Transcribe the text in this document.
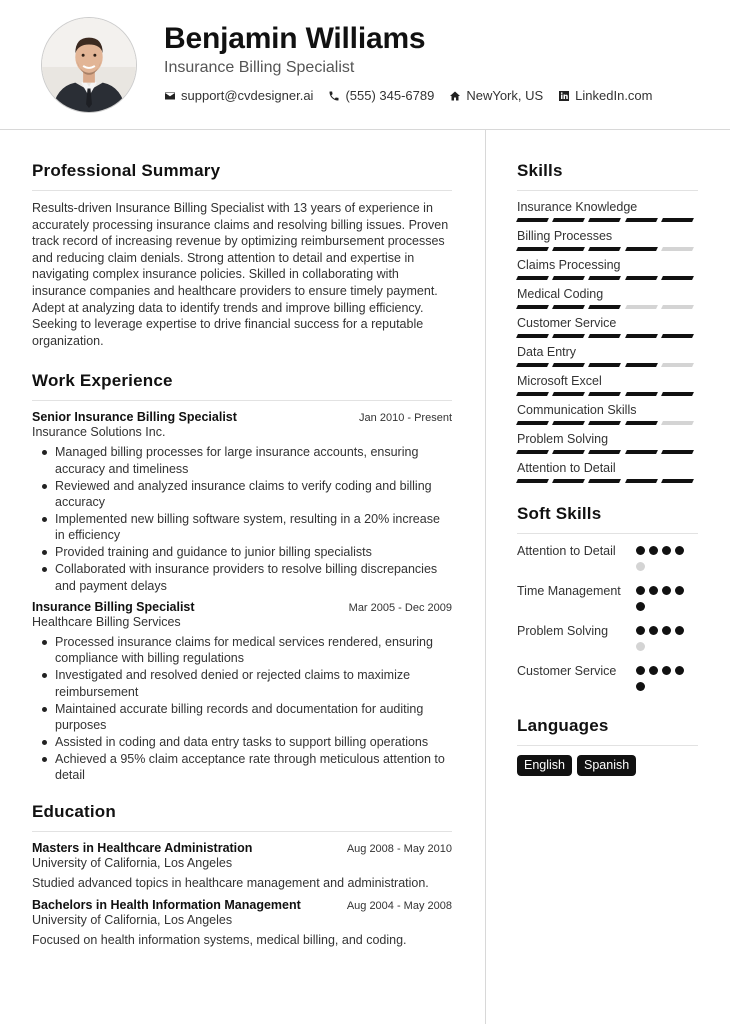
Benjamin Williams
Insurance Billing Specialist
support@cvdesigner.ai (555) 345-6789 NewYork, US LinkedIn.com
Professional Summary
Results-driven Insurance Billing Specialist with 13 years of experience in accurately processing insurance claims and resolving billing issues. Proven track record of increasing revenue by optimizing reimbursement processes and reducing claim denials. Strong attention to detail and expertise in navigating complex insurance policies. Skilled in collaborating with insurance companies and healthcare providers to ensure timely payment. Adept at analyzing data to identify trends and improve billing efficiency. Seeking to leverage expertise to drive financial success for a reputable organization.
Work Experience
Senior Insurance Billing Specialist	Jan 2010 - Present
Insurance Solutions Inc.
Managed billing processes for large insurance accounts, ensuring accuracy and timeliness
Reviewed and analyzed insurance claims to verify coding and billing accuracy
Implemented new billing software system, resulting in a 20% increase in efficiency
Provided training and guidance to junior billing specialists
Collaborated with insurance providers to resolve billing discrepancies and payment delays
Insurance Billing Specialist	Mar 2005 - Dec 2009
Healthcare Billing Services
Processed insurance claims for medical services rendered, ensuring compliance with billing regulations
Investigated and resolved denied or rejected claims to maximize reimbursement
Maintained accurate billing records and documentation for auditing purposes
Assisted in coding and data entry tasks to support billing operations
Achieved a 95% claim acceptance rate through meticulous attention to detail
Education
Masters in Healthcare Administration	Aug 2008 - May 2010
University of California, Los Angeles
Studied advanced topics in healthcare management and administration.
Bachelors in Health Information Management	Aug 2004 - May 2008
University of California, Los Angeles
Focused on health information systems, medical billing, and coding.
Skills
Insurance Knowledge
Billing Processes
Claims Processing
Medical Coding
Customer Service
Data Entry
Microsoft Excel
Communication Skills
Problem Solving
Attention to Detail
Soft Skills
Attention to Detail
Time Management
Problem Solving
Customer Service
Languages
English	Spanish
